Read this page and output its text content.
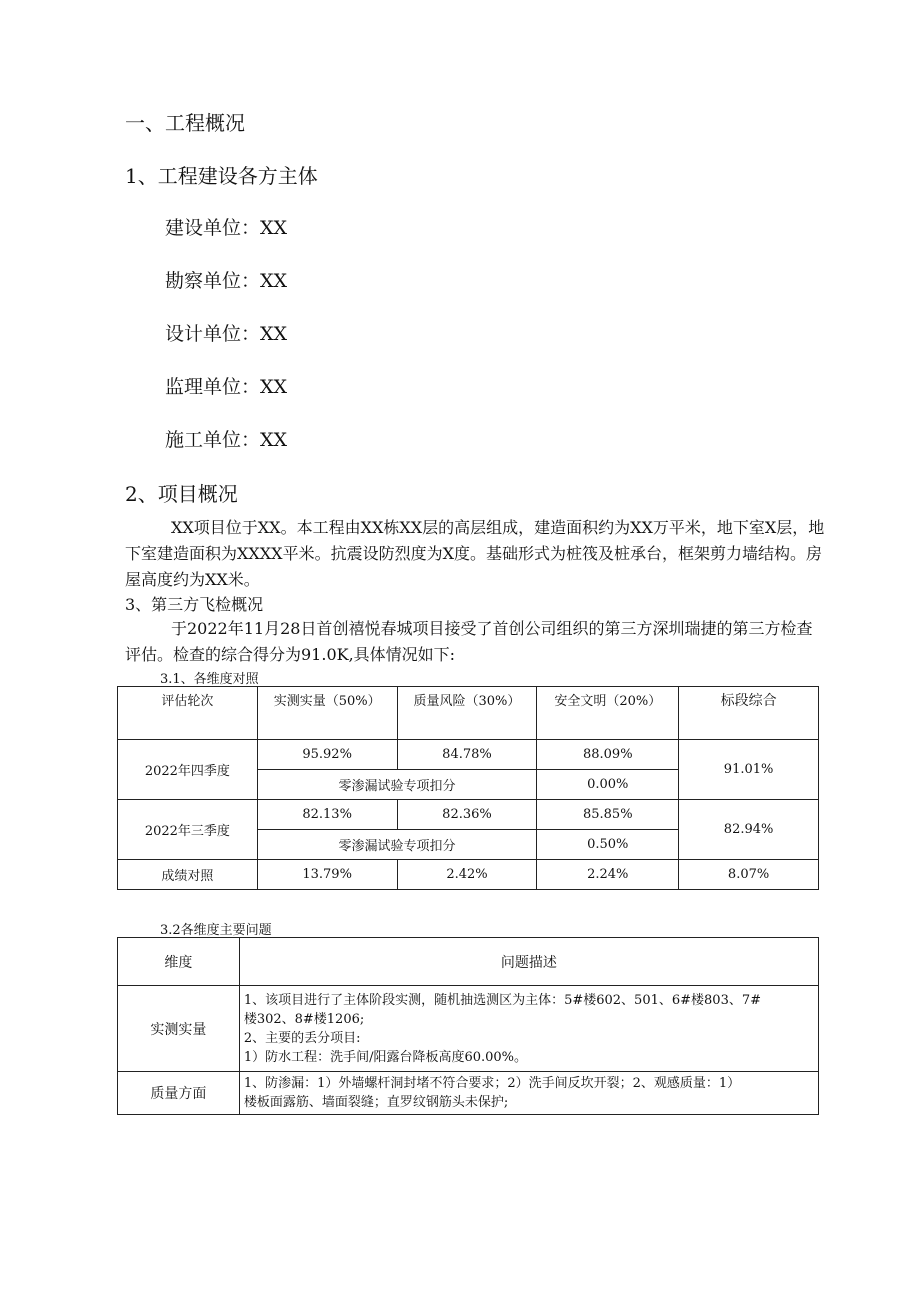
一、工程概况
1、工程建设各方主体
建设单位：XX
勘察单位：XX
设计单位：XX
监理单位：XX
施工单位：XX
2、项目概况
XX项目位于XX。本工程由XX栋XX层的高层组成，建造面积约为XX万平米，地下室X层，地下室建造面积为XXXX平米。抗震设防烈度为X度。基础形式为桩筏及桩承台，框架剪力墙结构。房屋高度约为XX米。
3、第三方飞检概况
于2022年11月28日首创禧悦春城项目接受了首创公司组织的第三方深圳瑞捷的第三方检查评估。检查的综合得分为91.0K,具体情况如下:
3.1、各维度对照
评估轮次	实测实量（50%）	质量风险（30%）	安全文明（20%）	标段综合
2022年四季度	95.92%	84.78%	88.09%	91.01%
	零渗漏试验专项扣分		0.00%	
2022年三季度	82.13%	82.36%	85.85%	82.94%
	零渗漏试验专项扣分		0.50%	
成绩对照	13.79%	2.42%	2.24%	8.07%
3.2各维度主要问题
维度	问题描述
实测实量	1、该项目进行了主体阶段实测，随机抽选测区为主体：5#楼602、501、6#楼803、7#
楼302、8#楼1206;
2、主要的丢分项目:
1）防水工程：洗手间/阳露台降板高度60.00%。

质量方面	1、防渗漏：1）外墙螺杆洞封堵不符合要求；2）洗手间反坎开裂；2、观感质量：1）
楼板面露筋、墙面裂缝；直罗纹钢筋头未保护;
